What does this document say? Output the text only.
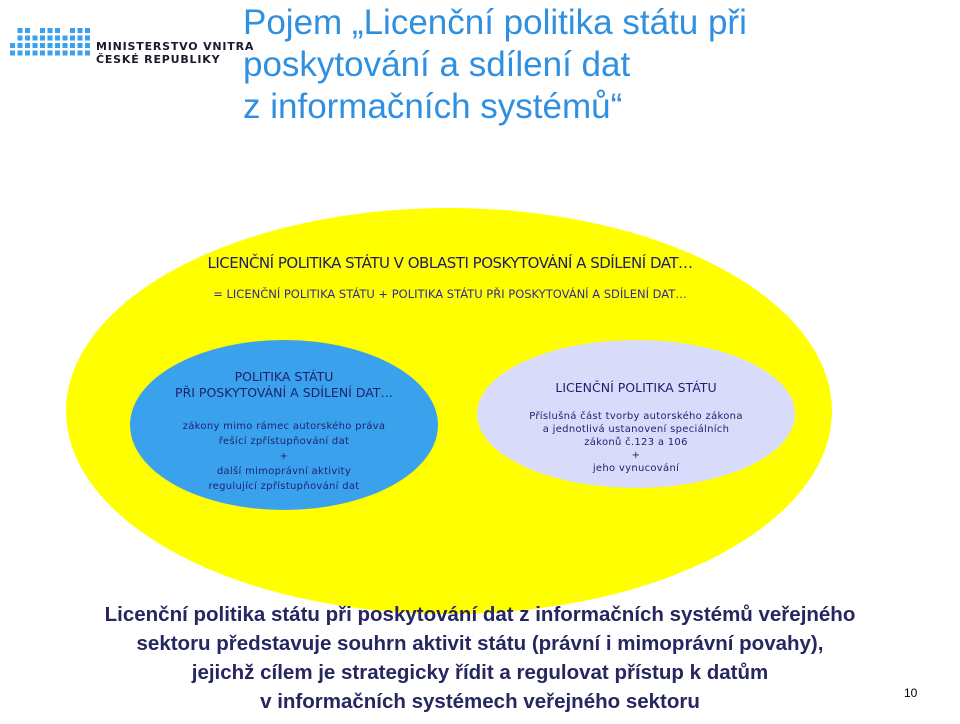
MINISTERSTVO VNITRA
ČESKÉ REPUBLIKY
Pojem „Licenční politika státu při
poskytování a sdílení dat
z informačních systémů“
LICENČNÍ POLITIKA STÁTU V OBLASTI POSKYTOVÁNÍ A SDÍLENÍ DAT…
= LICENČNÍ POLITIKA STÁTU + POLITIKA STÁTU PŘI POSKYTOVÁNÍ A SDÍLENÍ DAT…
POLITIKA STÁTU
PŘI POSKYTOVÁNÍ A SDÍLENÍ DAT…
zákony mimo rámec autorského práva
řešící zpřístupňování dat
+
další mimoprávní aktivity
regulující zpřístupňování dat
LICENČNÍ POLITIKA STÁTU
Příslušná část tvorby autorského zákona
a jednotlivá ustanovení speciálních
zákonů č.123 a 106
+
jeho vynucování
Licenční politika státu při poskytování dat z informačních systémů veřejného
sektoru představuje souhrn aktivit státu (právní i mimoprávní povahy),
jejichž cílem je strategicky řídit a regulovat přístup k datům
v informačních systémech veřejného sektoru	10
